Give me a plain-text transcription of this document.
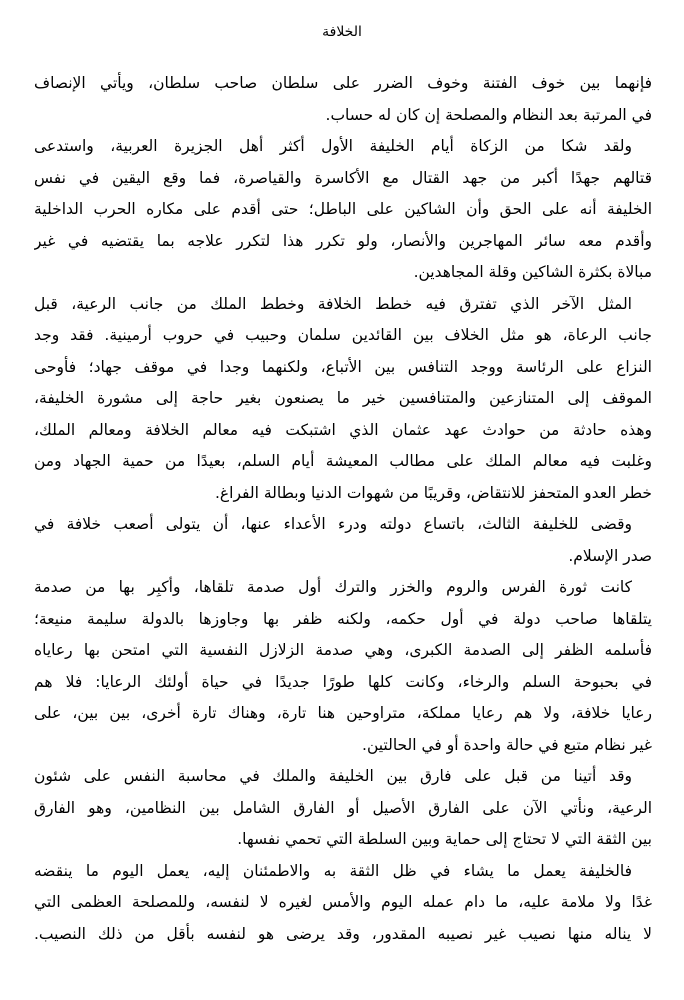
الخلافة
فإنهما بين خوف الفتنة وخوف الضرر على سلطان صاحب سلطان، ويأتي الإنصاف
في المرتبة بعد النظام والمصلحة إن كان له حساب.
ولقد شكا من الزكاة أيام الخليفة الأول أكثر أهل الجزيرة العربية، واستدعى
قتالهم جهدًا أكبر من جهد القتال مع الأكاسرة والقياصرة، فما وقع اليقين في نفس
الخليفة أنه على الحق وأن الشاكين على الباطل؛ حتى أقدم على مكاره الحرب الداخلية
وأقدم معه سائر المهاجرين والأنصار، ولو تكرر هذا لتكرر علاجه بما يقتضيه في غير
مبالاة بكثرة الشاكين وقلة المجاهدين.
المثل الآخر الذي تفترق فيه خطط الخلافة وخطط الملك من جانب الرعية، قبل
جانب الرعاة، هو مثل الخلاف بين القائدين سلمان وحبيب في حروب أرمينية. فقد وجد
النزاع على الرئاسة ووجد التنافس بين الأتباع، ولكنهما وجدا في موقف جهاد؛ فأوحى
الموقف إلى المتنازعين والمتنافسين خير ما يصنعون بغير حاجة إلى مشورة الخليفة،
وهذه حادثة من حوادث عهد عثمان الذي اشتبكت فيه معالم الخلافة ومعالم الملك،
وغلبت فيه معالم الملك على مطالب المعيشة أيام السلم، بعيدًا من حمية الجهاد ومن
خطر العدو المتحفز للانتقاض، وقريبًا من شهوات الدنيا وبطالة الفراغ.
وقضى للخليفة الثالث، باتساع دولته ودرء الأعداء عنها، أن يتولى أصعب خلافة في
صدر الإسلام.
كانت ثورة الفرس والروم والخزر والترك أول صدمة تلقاها، وأكبِر بها من صدمة
يتلقاها صاحب دولة في أول حكمه، ولكنه ظفر بها وجاوزها بالدولة سليمة منيعة؛
فأسلمه الظفر إلى الصدمة الكبرى، وهي صدمة الزلازل النفسية التي امتحن بها رعاياه
في بحبوحة السلم والرخاء، وكانت كلها طورًا جديدًا في حياة أولئك الرعايا: فلا هم
رعايا خلافة، ولا هم رعايا مملكة، متراوحين هنا تارة، وهناك تارة أخرى، بين بين، على
غير نظام متبع في حالة واحدة أو في الحالتين.
وقد أتينا من قبل على فارق بين الخليفة والملك في محاسبة النفس على شئون
الرعية، ونأتي الآن على الفارق الأصيل أو الفارق الشامل بين النظامين، وهو الفارق
بين الثقة التي لا تحتاج إلى حماية وبين السلطة التي تحمي نفسها.
فالخليفة يعمل ما يشاء في ظل الثقة به والاطمئنان إليه، يعمل اليوم ما ينقضه
غدًا ولا ملامة عليه، ما دام عمله اليوم والأمس لغيره لا لنفسه، وللمصلحة العظمى التي
لا يناله منها نصيب غير نصيبه المقدور، وقد يرضى هو لنفسه بأقل من ذلك النصيب.
